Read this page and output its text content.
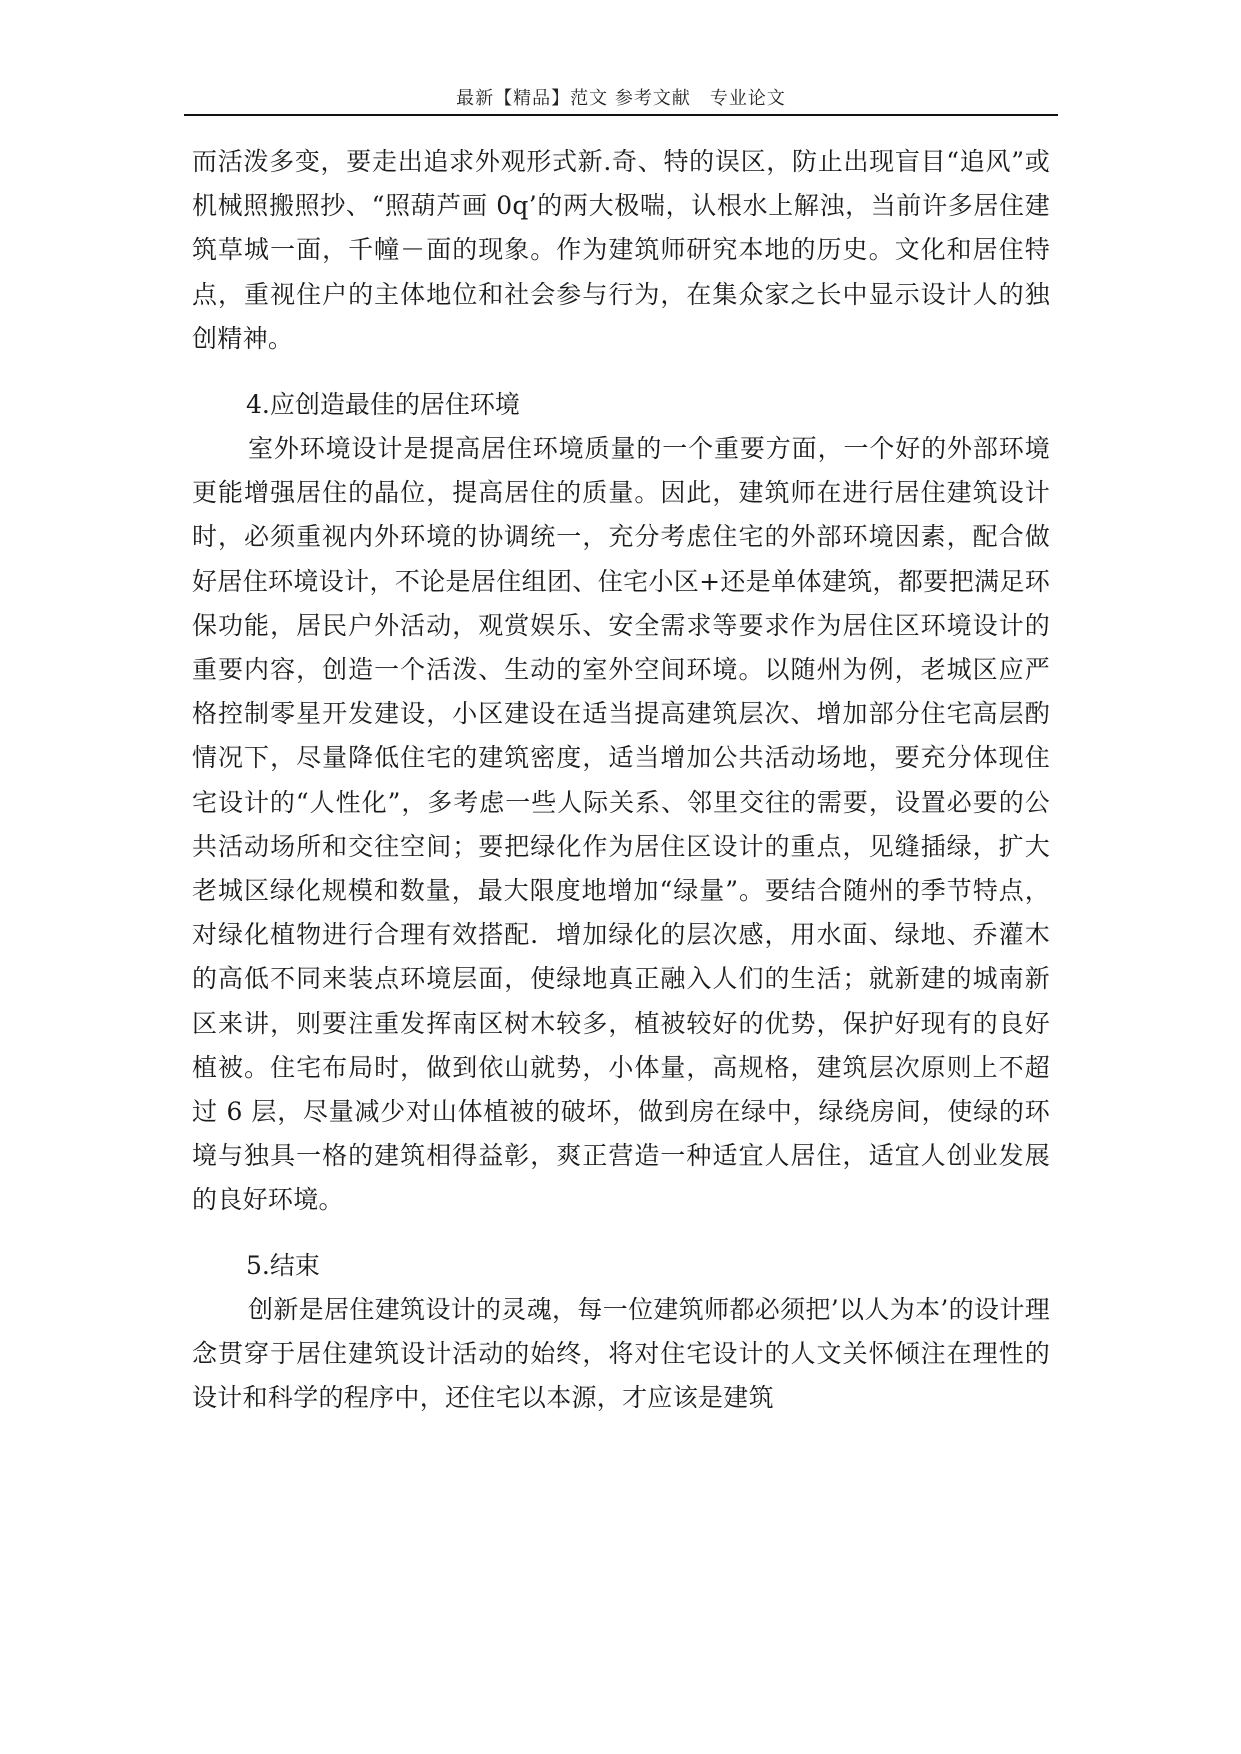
最新【精品】范文 参考文献　专业论文

而活泼多变，要走出追求外观形式新.奇、特的误区，防止出现盲目“追风”或机械照搬照抄、“照葫芦画 0q’的两大极喘，认根水上解浊，当前许多居住建筑草城一面，千幢－面的现象。作为建筑师研究本地的历史。文化和居住特点，重视住户的主体地位和社会参与行为，在集众家之长中显示设计人的独创精神。

4.应创造最佳的居住环境

室外环境设计是提高居住环境质量的一个重要方面，一个好的外部环境更能增强居住的晶位，提高居住的质量。因此，建筑师在进行居住建筑设计时，必须重视内外环境的协调统一，充分考虑住宅的外部环境因素，配合做好居住环境设计，不论是居住组团、住宅小区+还是单体建筑，都要把满足环保功能，居民户外活动，观赏娱乐、安全需求等要求作为居住区环境设计的重要内容，创造一个活泼、生动的室外空间环境。以随州为例，老城区应严格控制零星开发建设，小区建设在适当提高建筑层次、增加部分住宅高层酌情况下，尽量降低住宅的建筑密度，适当增加公共活动场地，要充分体现住宅设计的“人性化”，多考虑一些人际关系、邻里交往的需要，设置必要的公共活动场所和交往空间；要把绿化作为居住区设计的重点，见缝插绿，扩大老城区绿化规模和数量，最大限度地增加“绿量”。要结合随州的季节特点，对绿化植物进行合理有效搭配．增加绿化的层次感，用水面、绿地、乔灌木的高低不同来装点环境层面，使绿地真正融入人们的生活；就新建的城南新区来讲，则要注重发挥南区树木较多，植被较好的优势，保护好现有的良好植被。住宅布局时，做到依山就势，小体量，高规格，建筑层次原则上不超过 6 层，尽量减少对山体植被的破坏，做到房在绿中，绿绕房间，使绿的环境与独具一格的建筑相得益彰，爽正营造一种适宜人居住，适宜人创业发展的良好环境。

5.结束

创新是居住建筑设计的灵魂，每一位建筑师都必须把’以人为本’的设计理念贯穿于居住建筑设计活动的始终，将对住宅设计的人文关怀倾注在理性的设计和科学的程序中，还住宅以本源，才应该是建筑
